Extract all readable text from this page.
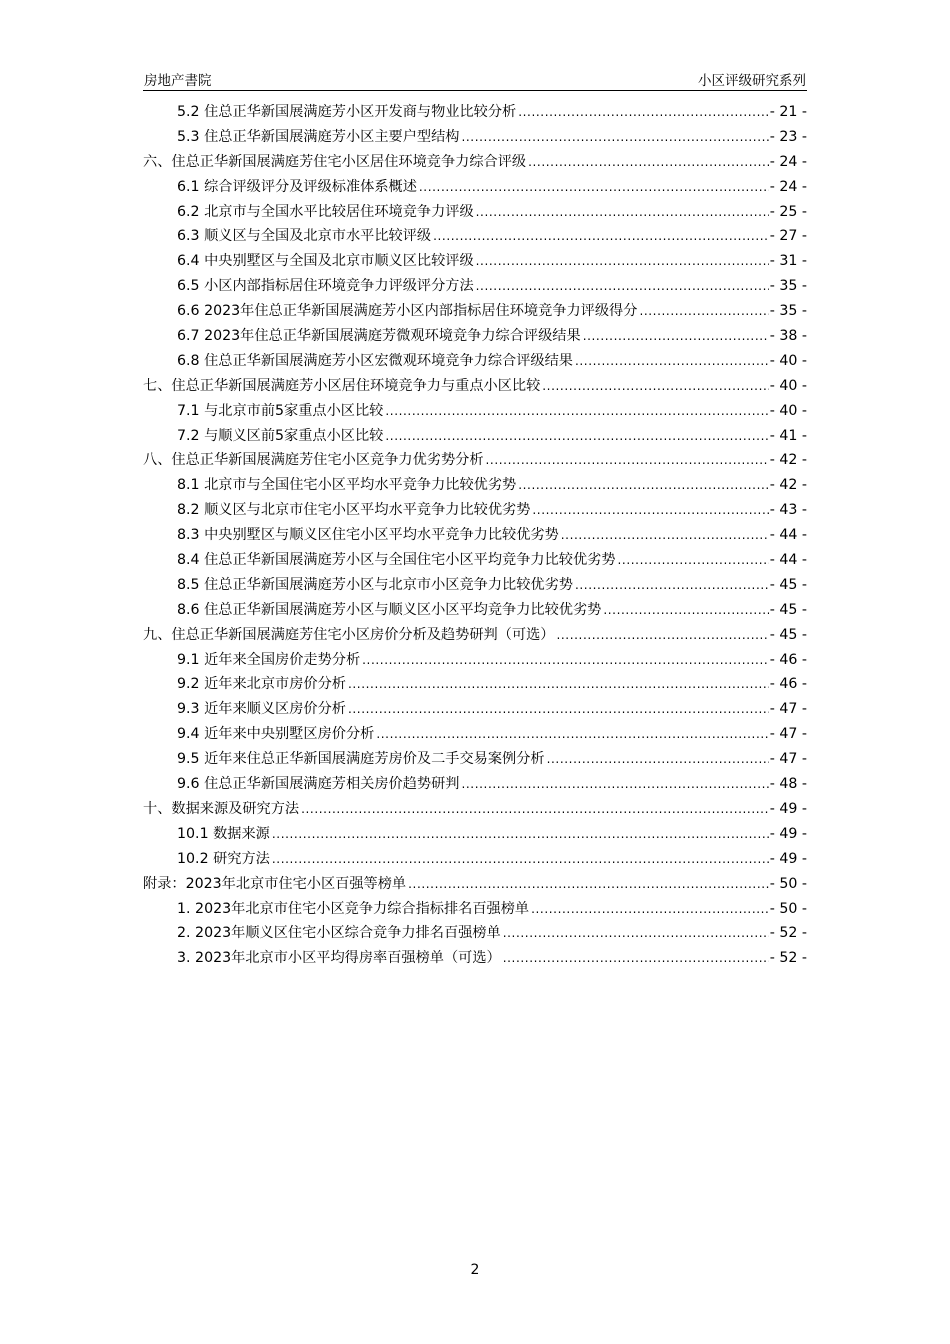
房地产書院	小区评级研究系列
5.2 住总正华新国展满庭芳小区开发商与物业比较分析 .....	- 21 -
5.3 住总正华新国展满庭芳小区主要户型结构 .....	- 23 -
六、住总正华新国展满庭芳住宅小区居住环境竞争力综合评级 .....	- 24 -
6.1 综合评级评分及评级标准体系概述 .....	- 24 -
6.2 北京市与全国水平比较居住环境竞争力评级 .....	- 25 -
6.3 顺义区与全国及北京市水平比较评级 .....	- 27 -
6.4 中央别墅区与全国及北京市顺义区比较评级 .....	- 31 -
6.5 小区内部指标居住环境竞争力评级评分方法 .....	- 35 -
6.6 2023年住总正华新国展满庭芳小区内部指标居住环境竞争力评级得分 .....	- 35 -
6.7 2023年住总正华新国展满庭芳微观环境竞争力综合评级结果 .....	- 38 -
6.8 住总正华新国展满庭芳小区宏微观环境竞争力综合评级结果 .....	- 40 -
七、住总正华新国展满庭芳小区居住环境竞争力与重点小区比较 .....	- 40 -
7.1 与北京市前5家重点小区比较 .....	- 40 -
7.2 与顺义区前5家重点小区比较 .....	- 41 -
八、住总正华新国展满庭芳住宅小区竞争力优劣势分析 .....	- 42 -
8.1 北京市与全国住宅小区平均水平竞争力比较优劣势 .....	- 42 -
8.2 顺义区与北京市住宅小区平均水平竞争力比较优劣势 .....	- 43 -
8.3 中央别墅区与顺义区住宅小区平均水平竞争力比较优劣势 .....	- 44 -
8.4 住总正华新国展满庭芳小区与全国住宅小区平均竞争力比较优劣势 .....	- 44 -
8.5 住总正华新国展满庭芳小区与北京市小区竞争力比较优劣势 .....	- 45 -
8.6 住总正华新国展满庭芳小区与顺义区小区平均竞争力比较优劣势 .....	- 45 -
九、住总正华新国展满庭芳住宅小区房价分析及趋势研判（可选） .....	- 45 -
9.1 近年来全国房价走势分析 .....	- 46 -
9.2 近年来北京市房价分析 .....	- 46 -
9.3 近年来顺义区房价分析 .....	- 47 -
9.4 近年来中央别墅区房价分析 .....	- 47 -
9.5 近年来住总正华新国展满庭芳房价及二手交易案例分析 .....	- 47 -
9.6 住总正华新国展满庭芳相关房价趋势研判 .....	- 48 -
十、数据来源及研究方法 .....	- 49 -
10.1 数据来源 .....	- 49 -
10.2 研究方法 .....	- 49 -
附录：2023年北京市住宅小区百强等榜单 .....	- 50 -
1. 2023年北京市住宅小区竞争力综合指标排名百强榜单 .....	- 50 -
2. 2023年顺义区住宅小区综合竞争力排名百强榜单 .....	- 52 -
3. 2023年北京市小区平均得房率百强榜单（可选） .....	- 52 -
2
